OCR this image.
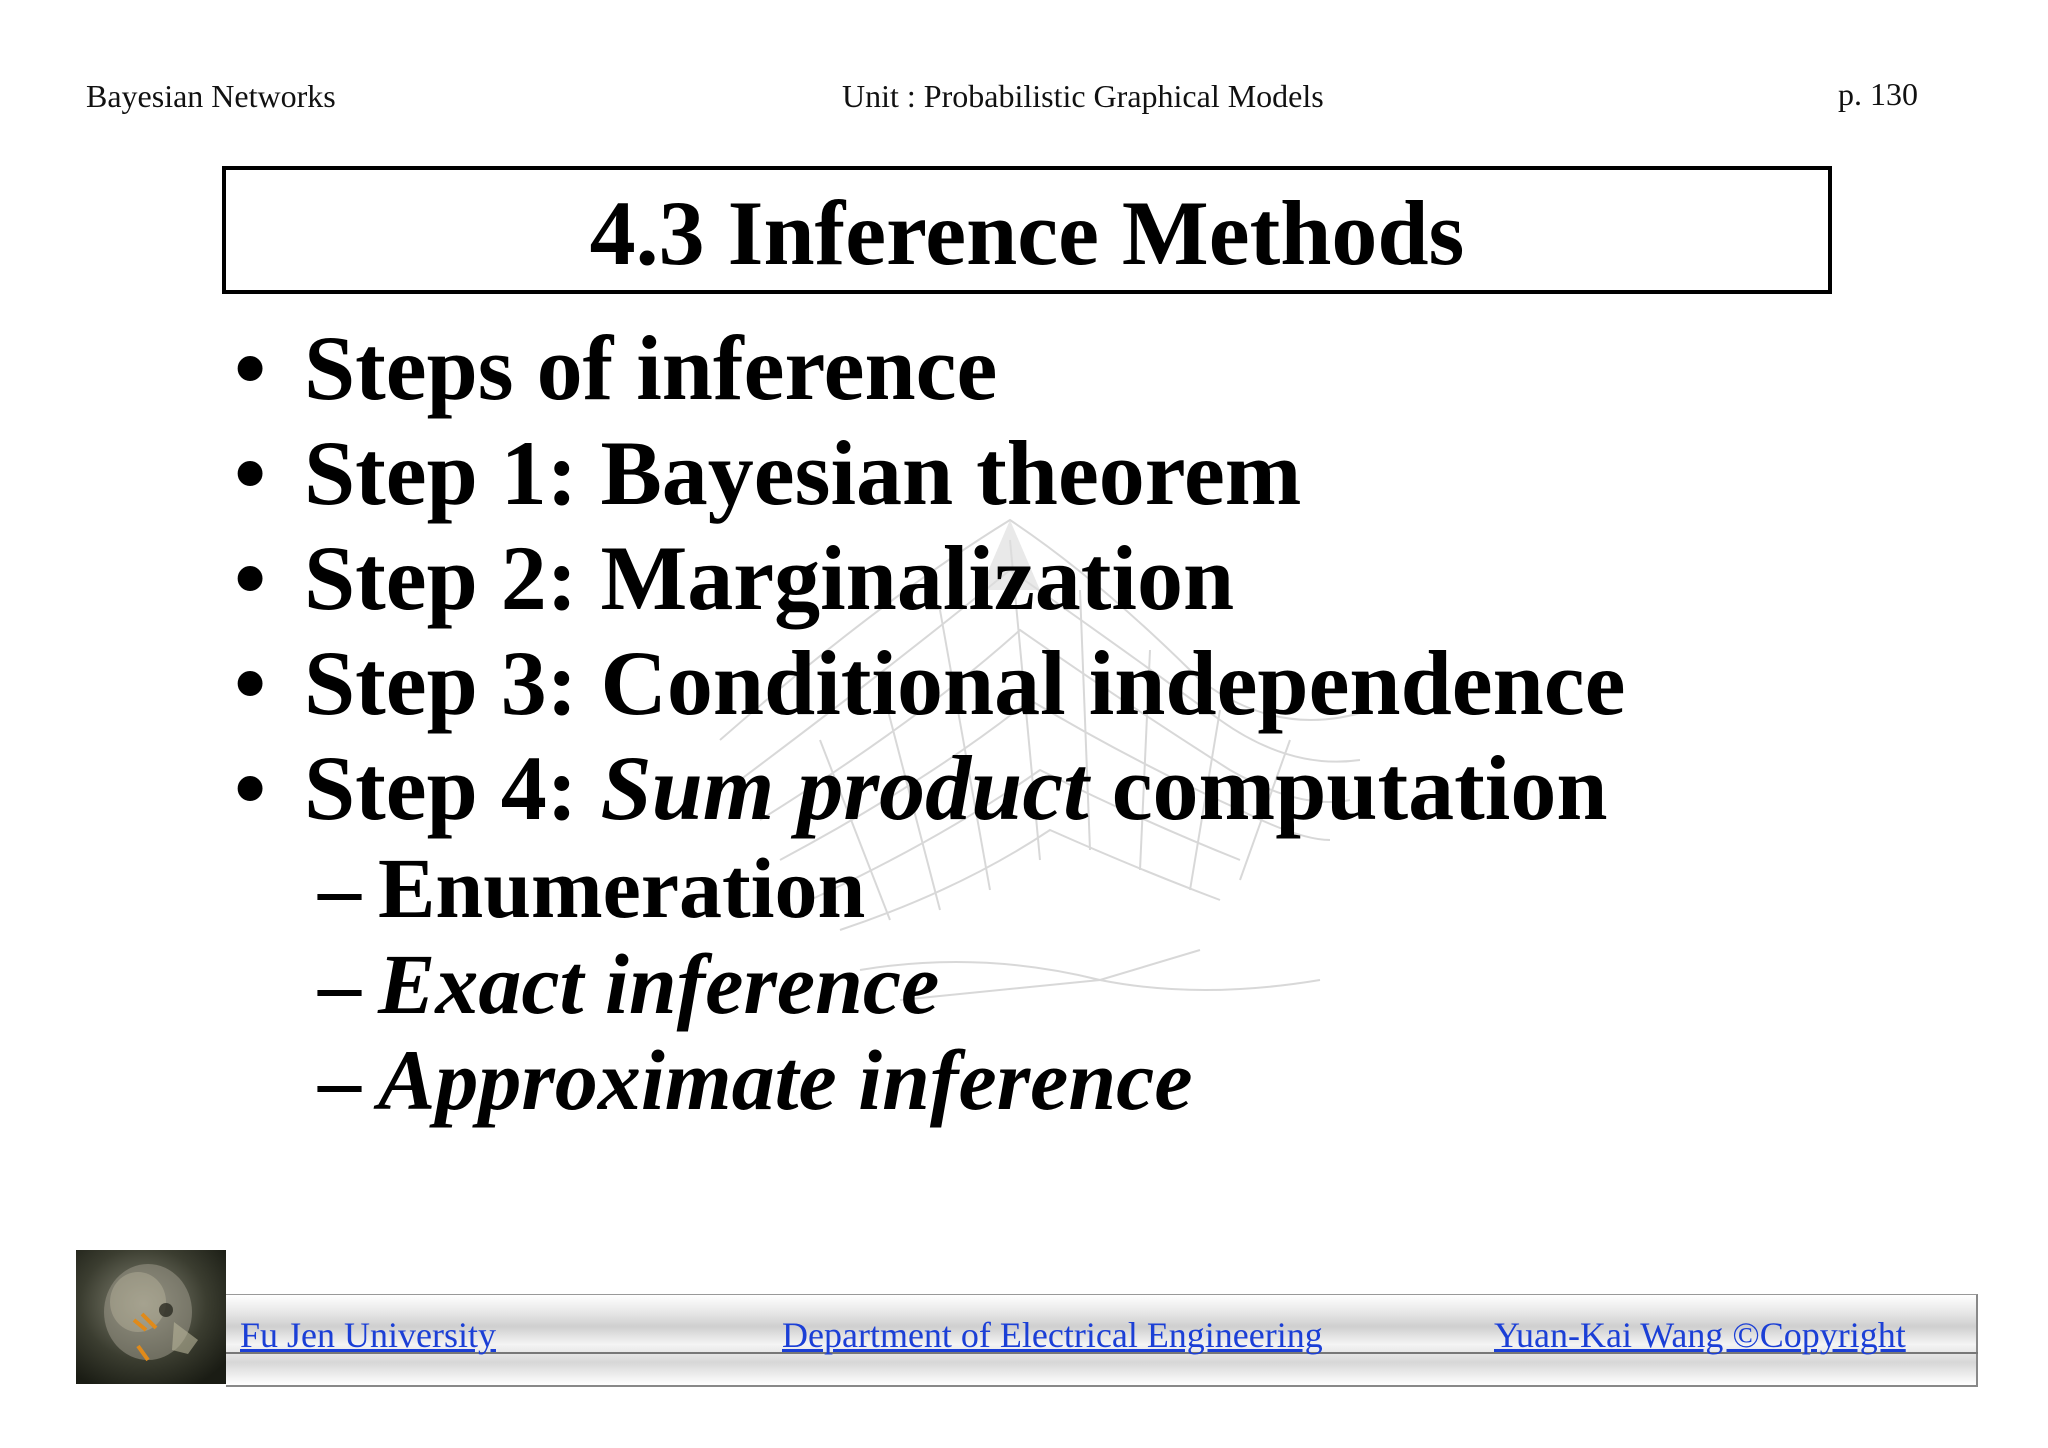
Bayesian Networks	Unit : Probabilistic Graphical Models	p. 130
4.3 Inference Methods
• Steps of inference
• Step 1: Bayesian theorem
• Step 2: Marginalization
• Step 3: Conditional independence
• Step 4: Sum product computation
– Enumeration
– Exact inference
– Approximate inference
Fu Jen University	Department of Electrical Engineering	Yuan-Kai Wang ©Copyright
